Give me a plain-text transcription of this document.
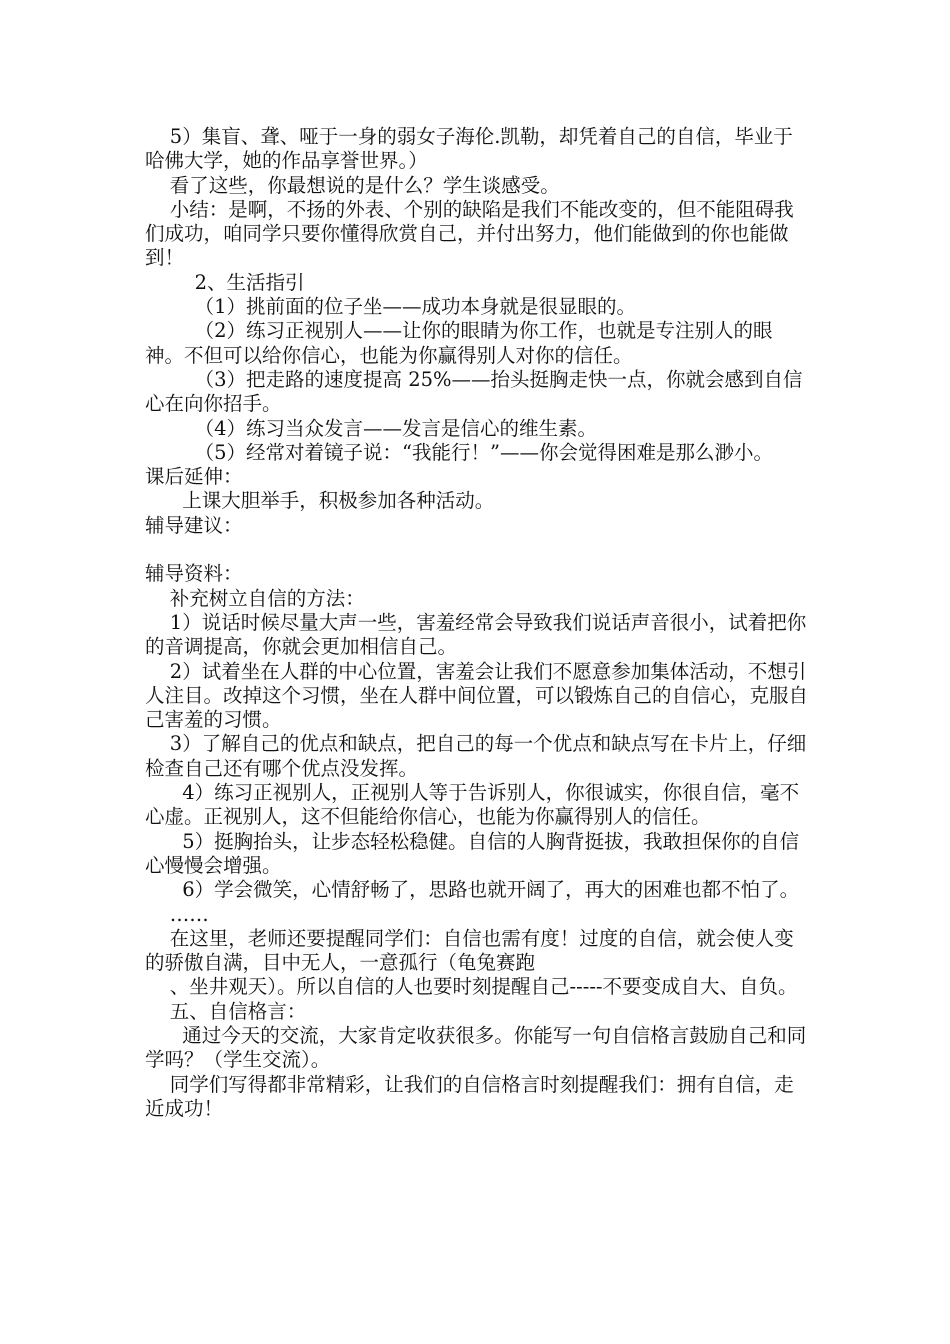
5）集盲、聋、哑于一身的弱女子海伦.凯勒，却凭着自己的自信，毕业于哈佛大学，她的作品享誉世界。）

看了这些，你最想说的是什么？学生谈感受。

小结：是啊，不扬的外表、个别的缺陷是我们不能改变的，但不能阻碍我们成功，咱同学只要你懂得欣赏自己，并付出努力，他们能做到的你也能做到！

2、生活指引

（1）挑前面的位子坐——成功本身就是很显眼的。

（2）练习正视别人——让你的眼睛为你工作，也就是专注别人的眼神。不但可以给你信心，也能为你赢得别人对你的信任。

（3）把走路的速度提高 25%——抬头挺胸走快一点，你就会感到自信心在向你招手。

（4）练习当众发言——发言是信心的维生素。

（5）经常对着镜子说：“我能行！”——你会觉得困难是那么渺小。

课后延伸：

上课大胆举手，积极参加各种活动。

辅导建议：

辅导资料：

补充树立自信的方法：

1）说话时候尽量大声一些，害羞经常会导致我们说话声音很小，试着把你的音调提高，你就会更加相信自己。

2）试着坐在人群的中心位置，害羞会让我们不愿意参加集体活动，不想引人注目。改掉这个习惯，坐在人群中间位置，可以锻炼自己的自信心，克服自己害羞的习惯。

3）了解自己的优点和缺点，把自己的每一个优点和缺点写在卡片上，仔细检查自己还有哪个优点没发挥。

4）练习正视别人，正视别人等于告诉别人，你很诚实，你很自信，毫不心虚。正视别人，这不但能给你信心，也能为你赢得别人的信任。

5）挺胸抬头，让步态轻松稳健。自信的人胸背挺拔，我敢担保你的自信心慢慢会增强。

6）学会微笑，心情舒畅了，思路也就开阔了，再大的困难也都不怕了。

……

在这里，老师还要提醒同学们：自信也需有度！过度的自信，就会使人变的骄傲自满，目中无人，一意孤行（龟兔赛跑

、坐井观天）。所以自信的人也要时刻提醒自己-----不要变成自大、自负。

五、自信格言：

通过今天的交流，大家肯定收获很多。你能写一句自信格言鼓励自己和同学吗？（学生交流）。

同学们写得都非常精彩，让我们的自信格言时刻提醒我们：拥有自信，走近成功！
